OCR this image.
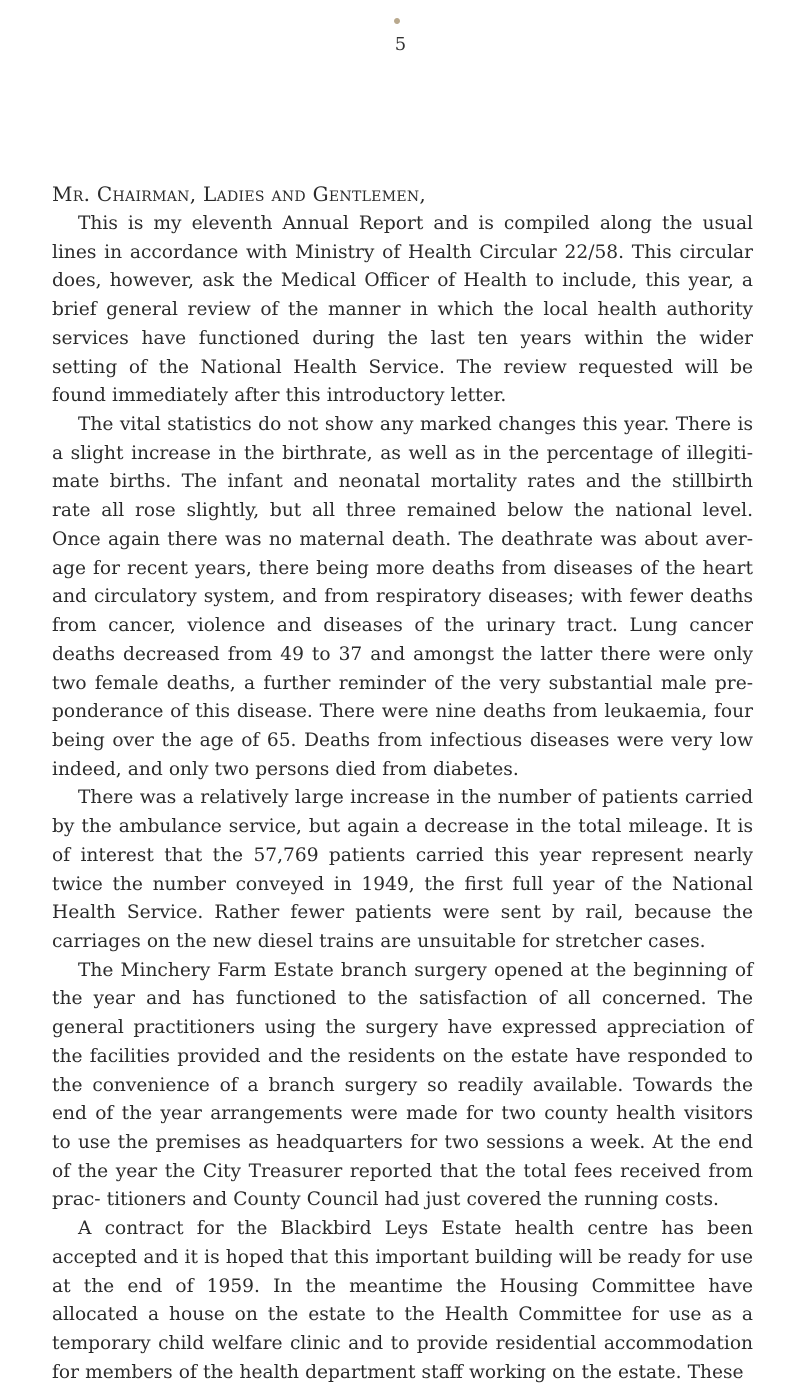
5
Mr. Chairman, Ladies and Gentlemen,

This is my eleventh Annual Report and is compiled along the usual lines in accordance with Ministry of Health Circular 22/58. This circular does, however, ask the Medical Officer of Health to include, this year, a brief general review of the manner in which the local health authority services have functioned during the last ten years within the wider setting of the National Health Service. The review requested will be found immediately after this introductory letter.

The vital statistics do not show any marked changes this year. There is a slight increase in the birthrate, as well as in the percentage of illegiti- mate births. The infant and neonatal mortality rates and the stillbirth rate all rose slightly, but all three remained below the national level. Once again there was no maternal death. The deathrate was about aver- age for recent years, there being more deaths from diseases of the heart and circulatory system, and from respiratory diseases; with fewer deaths from cancer, violence and diseases of the urinary tract. Lung cancer deaths decreased from 49 to 37 and amongst the latter there were only two female deaths, a further reminder of the very substantial male pre- ponderance of this disease. There were nine deaths from leukaemia, four being over the age of 65. Deaths from infectious diseases were very low indeed, and only two persons died from diabetes.

There was a relatively large increase in the number of patients carried by the ambulance service, but again a decrease in the total mileage. It is of interest that the 57,769 patients carried this year represent nearly twice the number conveyed in 1949, the first full year of the National Health Service. Rather fewer patients were sent by rail, because the carriages on the new diesel trains are unsuitable for stretcher cases.

The Minchery Farm Estate branch surgery opened at the beginning of the year and has functioned to the satisfaction of all concerned. The general practitioners using the surgery have expressed appreciation of the facilities provided and the residents on the estate have responded to the convenience of a branch surgery so readily available. Towards the end of the year arrangements were made for two county health visitors to use the premises as headquarters for two sessions a week. At the end of the year the City Treasurer reported that the total fees received from prac- titioners and County Council had just covered the running costs.

A contract for the Blackbird Leys Estate health centre has been accepted and it is hoped that this important building will be ready for use at the end of 1959. In the meantime the Housing Committee have allocated a house on the estate to the Health Committee for use as a temporary child welfare clinic and to provide residential accommodation for members of the health department staff working on the estate. These
